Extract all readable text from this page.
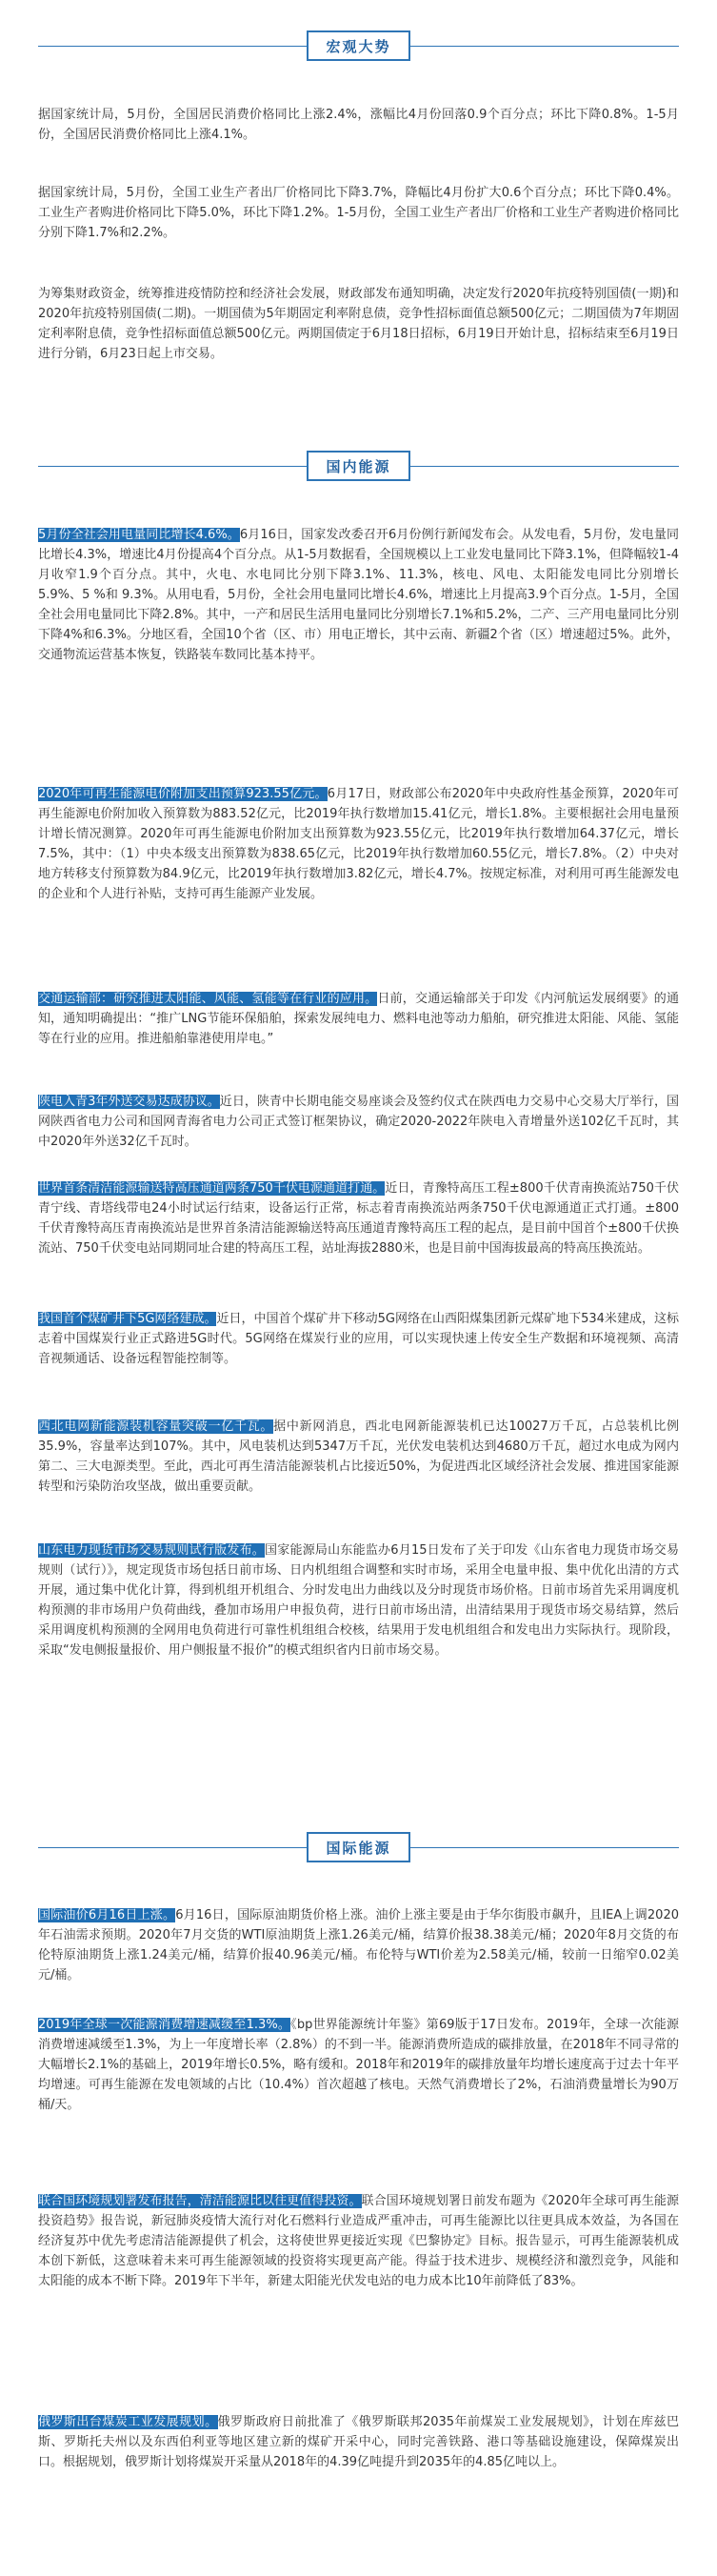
宏观大势

据国家统计局，5月份，全国居民消费价格同比上涨2.4%，涨幅比4月份回落0.9个百分点；环比下降0.8%。1-5月份，全国居民消费价格同比上涨4.1%。

据国家统计局，5月份，全国工业生产者出厂价格同比下降3.7%，降幅比4月份扩大0.6个百分点；环比下降0.4%。工业生产者购进价格同比下降5.0%，环比下降1.2%。1-5月份，全国工业生产者出厂价格和工业生产者购进价格同比分别下降1.7%和2.2%。

为筹集财政资金，统筹推进疫情防控和经济社会发展，财政部发布通知明确，决定发行2020年抗疫特别国债(一期)和2020年抗疫特别国债(二期)。一期国债为5年期固定利率附息债，竞争性招标面值总额500亿元；二期国债为7年期固定利率附息债，竞争性招标面值总额500亿元。两期国债定于6月18日招标，6月19日开始计息，招标结束至6月19日进行分销，6月23日起上市交易。

国内能源

5月份全社会用电量同比增长4.6%。6月16日，国家发改委召开6月份例行新闻发布会。从发电看，5月份，发电量同比增长4.3%，增速比4月份提高4个百分点。从1-5月数据看，全国规模以上工业发电量同比下降3.1%，但降幅较1-4月收窄1.9个百分点。其中，火电、水电同比分别下降3.1%、11.3%，核电、风电、太阳能发电同比分别增长 5.9%、5 %和 9.3%。从用电看，5月份，全社会用电量同比增长4.6%，增速比上月提高3.9个百分点。1-5月，全国全社会用电量同比下降2.8%。其中，一产和居民生活用电量同比分别增长7.1%和5.2%，二产、三产用电量同比分别下降4%和6.3%。分地区看，全国10个省（区、市）用电正增长，其中云南、新疆2个省（区）增速超过5%。此外，交通物流运营基本恢复，铁路装车数同比基本持平。

2020年可再生能源电价附加支出预算923.55亿元。6月17日，财政部公布2020年中央政府性基金预算，2020年可再生能源电价附加收入预算数为883.52亿元，比2019年执行数增加15.41亿元，增长1.8%。主要根据社会用电量预计增长情况测算。2020年可再生能源电价附加支出预算数为923.55亿元，比2019年执行数增加64.37亿元，增长7.5%，其中：（1）中央本级支出预算数为838.65亿元，比2019年执行数增加60.55亿元，增长7.8%。（2）中央对地方转移支付预算数为84.9亿元，比2019年执行数增加3.82亿元，增长4.7%。按规定标准，对利用可再生能源发电的企业和个人进行补贴，支持可再生能源产业发展。

交通运输部：研究推进太阳能、风能、氢能等在行业的应用。日前，交通运输部关于印发《内河航运发展纲要》的通知，通知明确提出：“推广LNG节能环保船舶，探索发展纯电力、燃料电池等动力船舶，研究推进太阳能、风能、氢能等在行业的应用。推进船舶靠港使用岸电。”

陕电入青3年外送交易达成协议。近日，陕青中长期电能交易座谈会及签约仪式在陕西电力交易中心交易大厅举行，国网陕西省电力公司和国网青海省电力公司正式签订框架协议，确定2020-2022年陕电入青增量外送102亿千瓦时，其中2020年外送32亿千瓦时。

世界首条清洁能源输送特高压通道两条750千伏电源通道打通。近日，青豫特高压工程±800千伏青南换流站750千伏青宁线、青塔线带电24小时试运行结束，设备运行正常，标志着青南换流站两条750千伏电源通道正式打通。±800千伏青豫特高压青南换流站是世界首条清洁能源输送特高压通道青豫特高压工程的起点，是目前中国首个±800千伏换流站、750千伏变电站同期同址合建的特高压工程，站址海拔2880米，也是目前中国海拔最高的特高压换流站。

我国首个煤矿井下5G网络建成。近日，中国首个煤矿井下移动5G网络在山西阳煤集团新元煤矿地下534米建成，这标志着中国煤炭行业正式路进5G时代。5G网络在煤炭行业的应用，可以实现快速上传安全生产数据和环境视频、高清音视频通话、设备远程智能控制等。

西北电网新能源装机容量突破一亿千瓦。据中新网消息，西北电网新能源装机已达10027万千瓦，占总装机比例35.9%，容量率达到107%。其中，风电装机达到5347万千瓦，光伏发电装机达到4680万千瓦，超过水电成为网内第二、三大电源类型。至此，西北可再生清洁能源装机占比接近50%，为促进西北区域经济社会发展、推进国家能源转型和污染防治攻坚战，做出重要贡献。

山东电力现货市场交易规则试行版发布。国家能源局山东能监办6月15日发布了关于印发《山东省电力现货市场交易规则（试行）》，规定现货市场包括日前市场、日内机组组合调整和实时市场，采用全电量申报、集中优化出清的方式开展，通过集中优化计算，得到机组开机组合、分时发电出力曲线以及分时现货市场价格。日前市场首先采用调度机构预测的非市场用户负荷曲线，叠加市场用户申报负荷，进行日前市场出清，出清结果用于现货市场交易结算，然后采用调度机构预测的全网用电负荷进行可靠性机组组合校核，结果用于发电机组组合和发电出力实际执行。现阶段，采取“发电侧报量报价、用户侧报量不报价”的模式组织省内日前市场交易。

国际能源

国际油价6月16日上涨。6月16日，国际原油期货价格上涨。油价上涨主要是由于华尔街股市飙升，且IEA上调2020年石油需求预期。2020年7月交货的WTI原油期货上涨1.26美元/桶，结算价报38.38美元/桶；2020年8月交货的布伦特原油期货上涨1.24美元/桶，结算价报40.96美元/桶。布伦特与WTI价差为2.58美元/桶，较前一日缩窄0.02美元/桶。

2019年全球一次能源消费增速减缓至1.3%。《bp世界能源统计年鉴》第69版于17日发布。2019年，全球一次能源消费增速减缓至1.3%，为上一年度增长率（2.8%）的不到一半。能源消费所造成的碳排放量，在2018年不同寻常的大幅增长2.1%的基础上，2019年增长0.5%，略有缓和。2018年和2019年的碳排放量年均增长速度高于过去十年平均增速。可再生能源在发电领域的占比（10.4%）首次超越了核电。天然气消费增长了2%，石油消费量增长为90万桶/天。

联合国环境规划署发布报告，清洁能源比以往更值得投资。联合国环境规划署日前发布题为《2020年全球可再生能源投资趋势》报告说，新冠肺炎疫情大流行对化石燃料行业造成严重冲击，可再生能源比以往更具成本效益，为各国在经济复苏中优先考虑清洁能源提供了机会，这将使世界更接近实现《巴黎协定》目标。报告显示，可再生能源装机成本创下新低，这意味着未来可再生能源领域的投资将实现更高产能。得益于技术进步、规模经济和激烈竞争，风能和太阳能的成本不断下降。2019年下半年，新建太阳能光伏发电站的电力成本比10年前降低了83%。

俄罗斯出台煤炭工业发展规划。俄罗斯政府日前批准了《俄罗斯联邦2035年前煤炭工业发展规划》，计划在库兹巴斯、罗斯托夫州以及东西伯利亚等地区建立新的煤矿开采中心，同时完善铁路、港口等基础设施建设，保障煤炭出口。根据规划，俄罗斯计划将煤炭开采量从2018年的4.39亿吨提升到2035年的4.85亿吨以上。
